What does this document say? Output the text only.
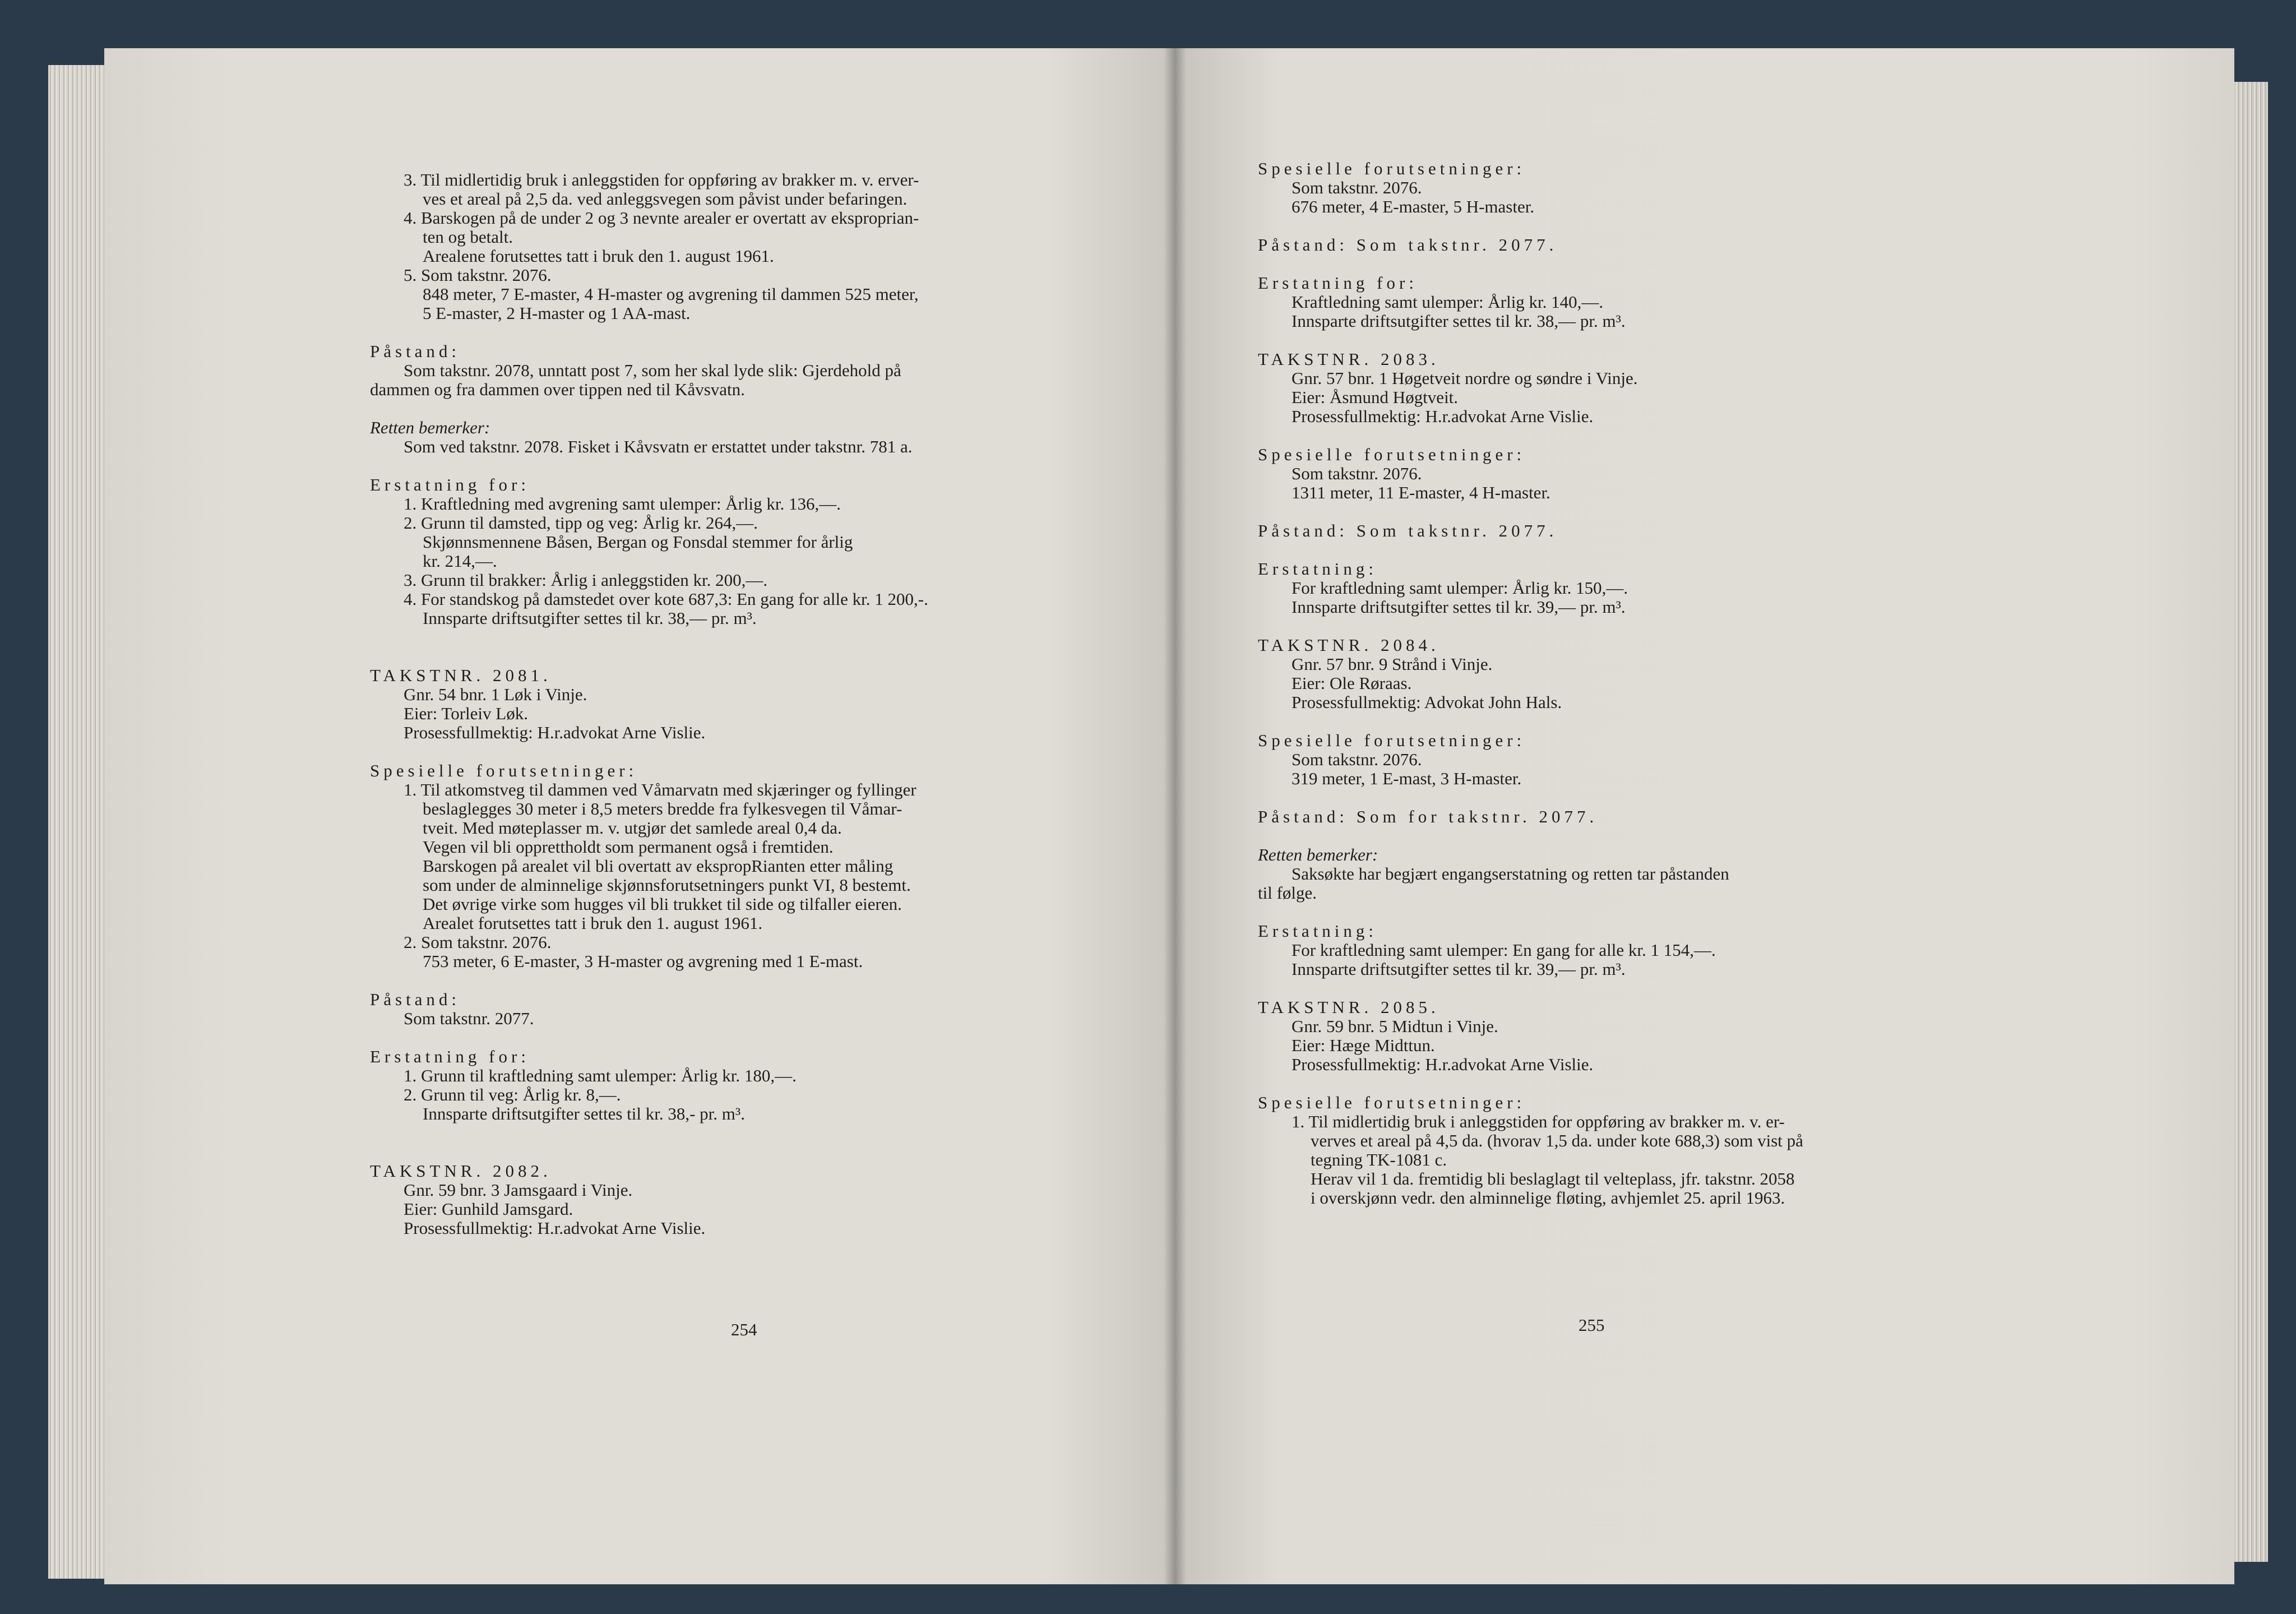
3. Til midlertidig bruk i anleggstiden for oppføring av brakker m. v. erver-
ves et areal på 2,5 da. ved anleggsvegen som påvist under befaringen.
4. Barskogen på de under 2 og 3 nevnte arealer er overtatt av eksproprian-
ten og betalt.
Arealene forutsettes tatt i bruk den 1. august 1961.
5. Som takstnr. 2076.
848 meter, 7 E-master, 4 H-master og avgrening til dammen 525 meter,
5 E-master, 2 H-master og 1 AA-mast.
Påstand:
Som takstnr. 2078, unntatt post 7, som her skal lyde slik: Gjerdehold på
dammen og fra dammen over tippen ned til Kåvsvatn.
Retten bemerker:
Som ved takstnr. 2078. Fisket i Kåvsvatn er erstattet under takstnr. 781 a.
Erstatning for:
1. Kraftledning med avgrening samt ulemper: Årlig kr. 136,—.
2. Grunn til damsted, tipp og veg: Årlig kr. 264,—.
Skjønnsmennene Båsen, Bergan og Fonsdal stemmer for årlig
kr. 214,—.
3. Grunn til brakker: Årlig i anleggstiden kr. 200,—.
4. For standskog på damstedet over kote 687,3: En gang for alle kr. 1 200,-.
Innsparte driftsutgifter settes til kr. 38,— pr. m³.
TAKSTNR. 2081.
Gnr. 54 bnr. 1 Løk i Vinje.
Eier: Torleiv Løk.
Prosessfullmektig: H.r.advokat Arne Vislie.
Spesielle forutsetninger:
1. Til atkomstveg til dammen ved Våmarvatn med skjæringer og fyllinger
beslaglegges 30 meter i 8,5 meters bredde fra fylkesvegen til Våmar-
tveit. Med møteplasser m. v. utgjør det samlede areal 0,4 da.
Vegen vil bli opprettholdt som permanent også i fremtiden.
Barskogen på arealet vil bli overtatt av ekspropRianten etter måling
som under de alminnelige skjønnsforutsetningers punkt VI, 8 bestemt.
Det øvrige virke som hugges vil bli trukket til side og tilfaller eieren.
Arealet forutsettes tatt i bruk den 1. august 1961.
2. Som takstnr. 2076.
753 meter, 6 E-master, 3 H-master og avgrening med 1 E-mast.
Påstand:
Som takstnr. 2077.
Erstatning for:
1. Grunn til kraftledning samt ulemper: Årlig kr. 180,—.
2. Grunn til veg: Årlig kr. 8,—.
Innsparte driftsutgifter settes til kr. 38,- pr. m³.
TAKSTNR. 2082.
Gnr. 59 bnr. 3 Jamsgaard i Vinje.
Eier: Gunhild Jamsgard.
Prosessfullmektig: H.r.advokat Arne Vislie.
Spesielle forutsetninger:
Som takstnr. 2076.
676 meter, 4 E-master, 5 H-master.
Påstand: Som takstnr. 2077.
Erstatning for:
Kraftledning samt ulemper: Årlig kr. 140,—.
Innsparte driftsutgifter settes til kr. 38,— pr. m³.
TAKSTNR. 2083.
Gnr. 57 bnr. 1 Høgetveit nordre og søndre i Vinje.
Eier: Åsmund Høgtveit.
Prosessfullmektig: H.r.advokat Arne Vislie.
Spesielle forutsetninger:
Som takstnr. 2076.
1311 meter, 11 E-master, 4 H-master.
Påstand: Som takstnr. 2077.
Erstatning:
For kraftledning samt ulemper: Årlig kr. 150,—.
Innsparte driftsutgifter settes til kr. 39,— pr. m³.
TAKSTNR. 2084.
Gnr. 57 bnr. 9 Strånd i Vinje.
Eier: Ole Røraas.
Prosessfullmektig: Advokat John Hals.
Spesielle forutsetninger:
Som takstnr. 2076.
319 meter, 1 E-mast, 3 H-master.
Påstand: Som for takstnr. 2077.
Retten bemerker:
Saksøkte har begjært engangserstatning og retten tar påstanden
til følge.
Erstatning:
For kraftledning samt ulemper: En gang for alle kr. 1 154,—.
Innsparte driftsutgifter settes til kr. 39,— pr. m³.
TAKSTNR. 2085.
Gnr. 59 bnr. 5 Midtun i Vinje.
Eier: Hæge Midttun.
Prosessfullmektig: H.r.advokat Arne Vislie.
Spesielle forutsetninger:
1. Til midlertidig bruk i anleggstiden for oppføring av brakker m. v. er-
verves et areal på 4,5 da. (hvorav 1,5 da. under kote 688,3) som vist på
tegning TK-1081 c.
Herav vil 1 da. fremtidig bli beslaglagt til velteplass, jfr. takstnr. 2058
i overskjønn vedr. den alminnelige fløting, avhjemlet 25. april 1963.
254	255
